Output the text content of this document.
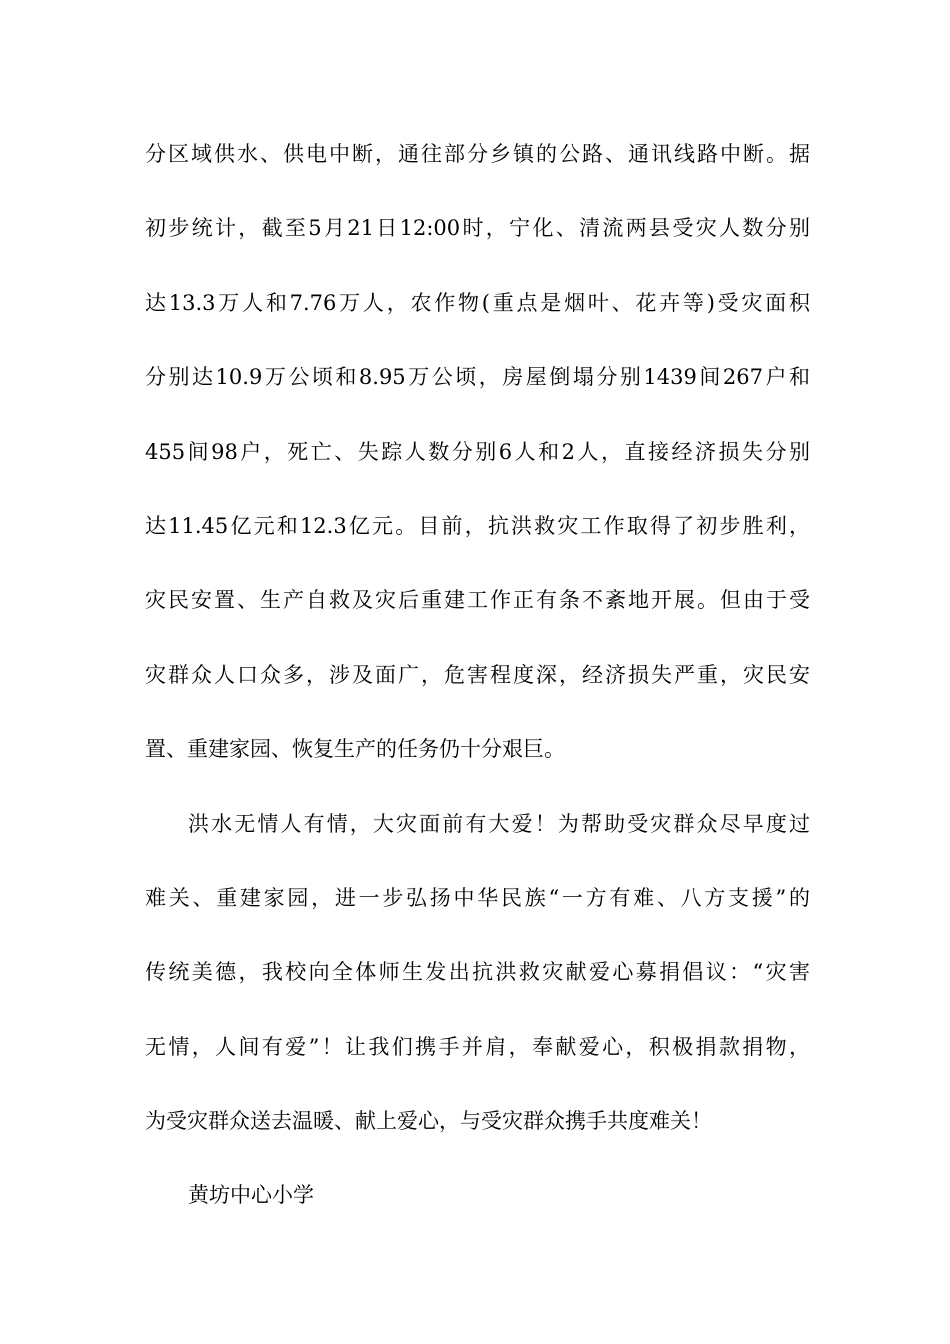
分区域供水、供电中断，通往部分乡镇的公路、通讯线路中断。据
初步统计，截至5月21日12:00时，宁化、清流两县受灾人数分别
达13.3万人和7.76万人，农作物(重点是烟叶、花卉等)受灾面积
分别达10.9万公顷和8.95万公顷，房屋倒塌分别1439间267户和
455间98户，死亡、失踪人数分别6人和2人，直接经济损失分别
达11.45亿元和12.3亿元。目前，抗洪救灾工作取得了初步胜利，
灾民安置、生产自救及灾后重建工作正有条不紊地开展。但由于受
灾群众人口众多，涉及面广，危害程度深，经济损失严重，灾民安
置、重建家园、恢复生产的任务仍十分艰巨。
洪水无情人有情，大灾面前有大爱！为帮助受灾群众尽早度过
难关、重建家园，进一步弘扬中华民族“一方有难、八方支援”的
传统美德，我校向全体师生发出抗洪救灾献爱心募捐倡议：“灾害
无情，人间有爱”！让我们携手并肩，奉献爱心，积极捐款捐物，
为受灾群众送去温暖、献上爱心，与受灾群众携手共度难关！
黄坊中心小学
